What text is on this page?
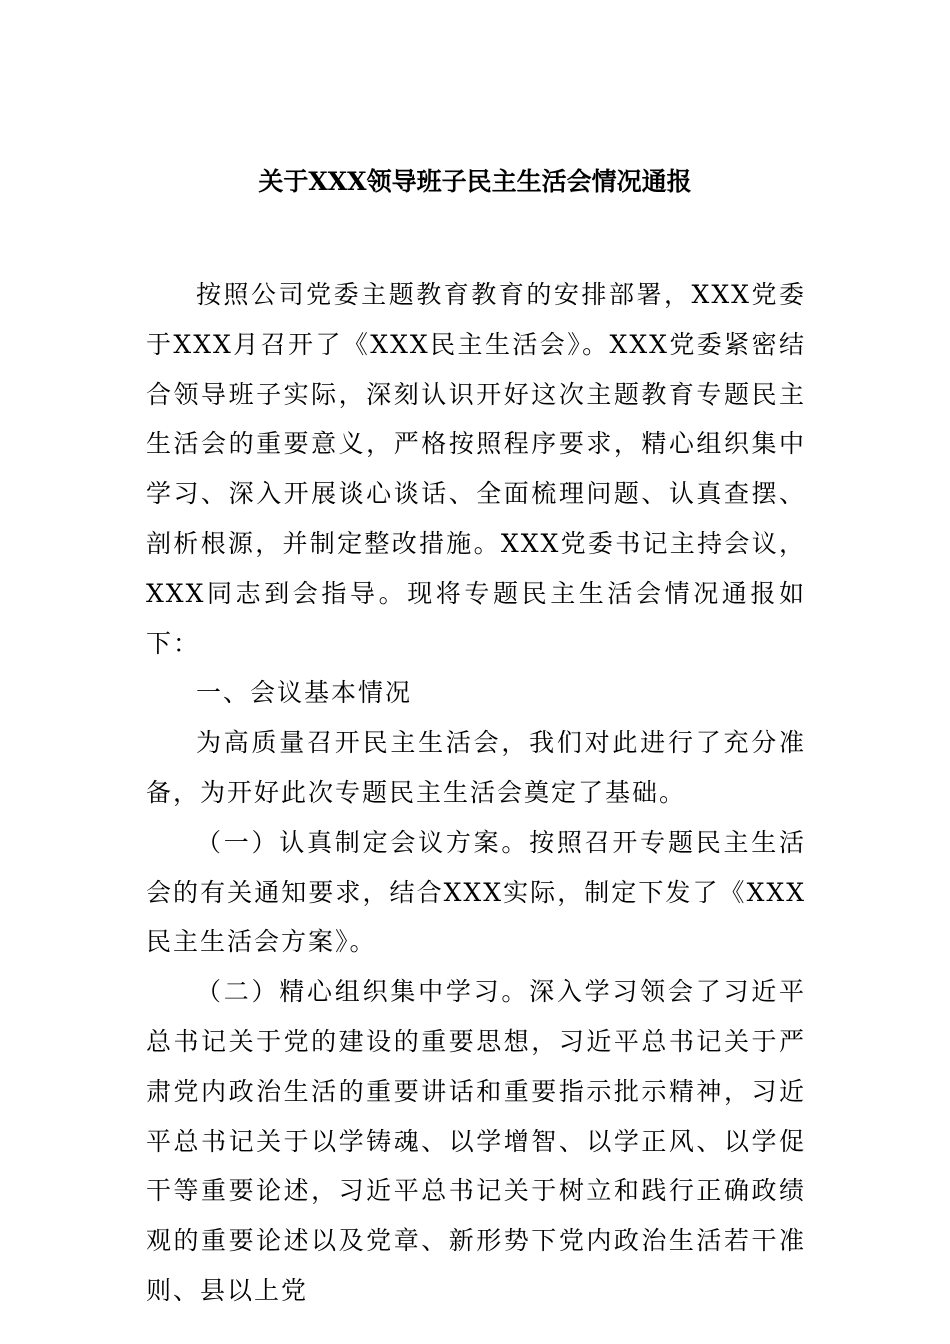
关于XXX领导班子民主生活会情况通报

按照公司党委主题教育教育的安排部署，XXX党委于XXX月召开了《XXX民主生活会》。XXX党委紧密结合领导班子实际，深刻认识开好这次主题教育专题民主生活会的重要意义，严格按照程序要求，精心组织集中学习、深入开展谈心谈话、全面梳理问题、认真查摆、剖析根源，并制定整改措施。XXX党委书记主持会议，XXX同志到会指导。现将专题民主生活会情况通报如下：

一、会议基本情况

为高质量召开民主生活会，我们对此进行了充分准备，为开好此次专题民主生活会奠定了基础。

（一）认真制定会议方案。按照召开专题民主生活会的有关通知要求，结合XXX实际，制定下发了《XXX民主生活会方案》。

（二）精心组织集中学习。深入学习领会了习近平总书记关于党的建设的重要思想，习近平总书记关于严肃党内政治生活的重要讲话和重要指示批示精神，习近平总书记关于以学铸魂、以学增智、以学正风、以学促干等重要论述，习近平总书记关于树立和践行正确政绩观的重要论述以及党章、新形势下党内政治生活若干准则、县以上党
